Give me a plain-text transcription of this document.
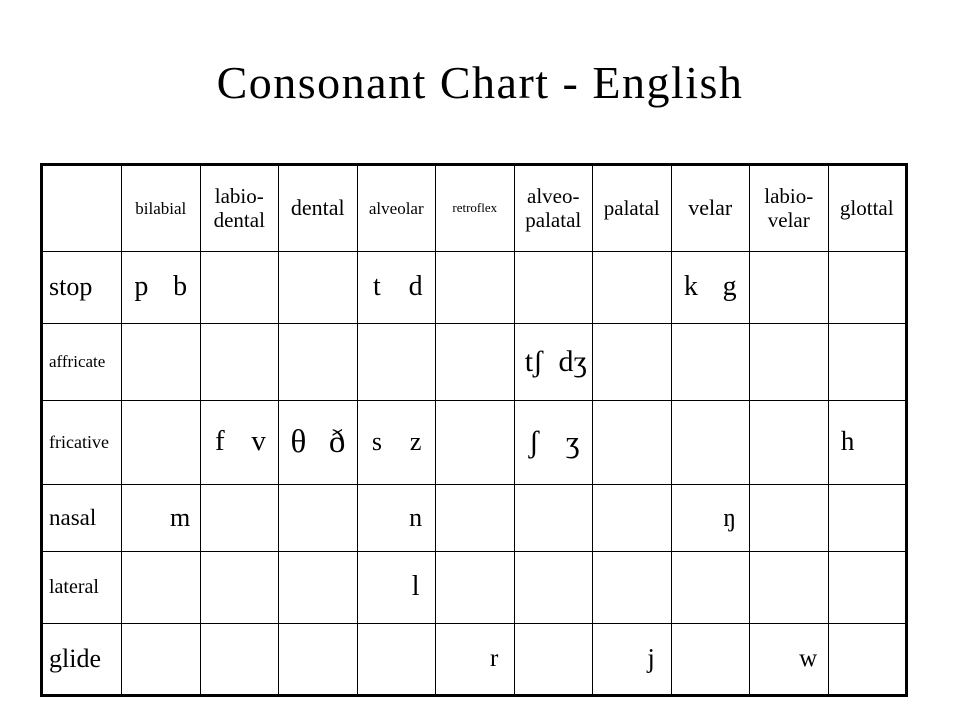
Consonant Chart - English
	bilabial	labio-dental	dental	alveolar	retroflex	alveo-palatal	palatal	velar	labio-velar	glottal
stop	p b			t d				k g		

affricate						tʃ dʒ				

fricative		f v	θ ð	s z		ʃ ʒ				h

nasal	m			n				ŋ		

lateral				l						

glide					r		j		w	
